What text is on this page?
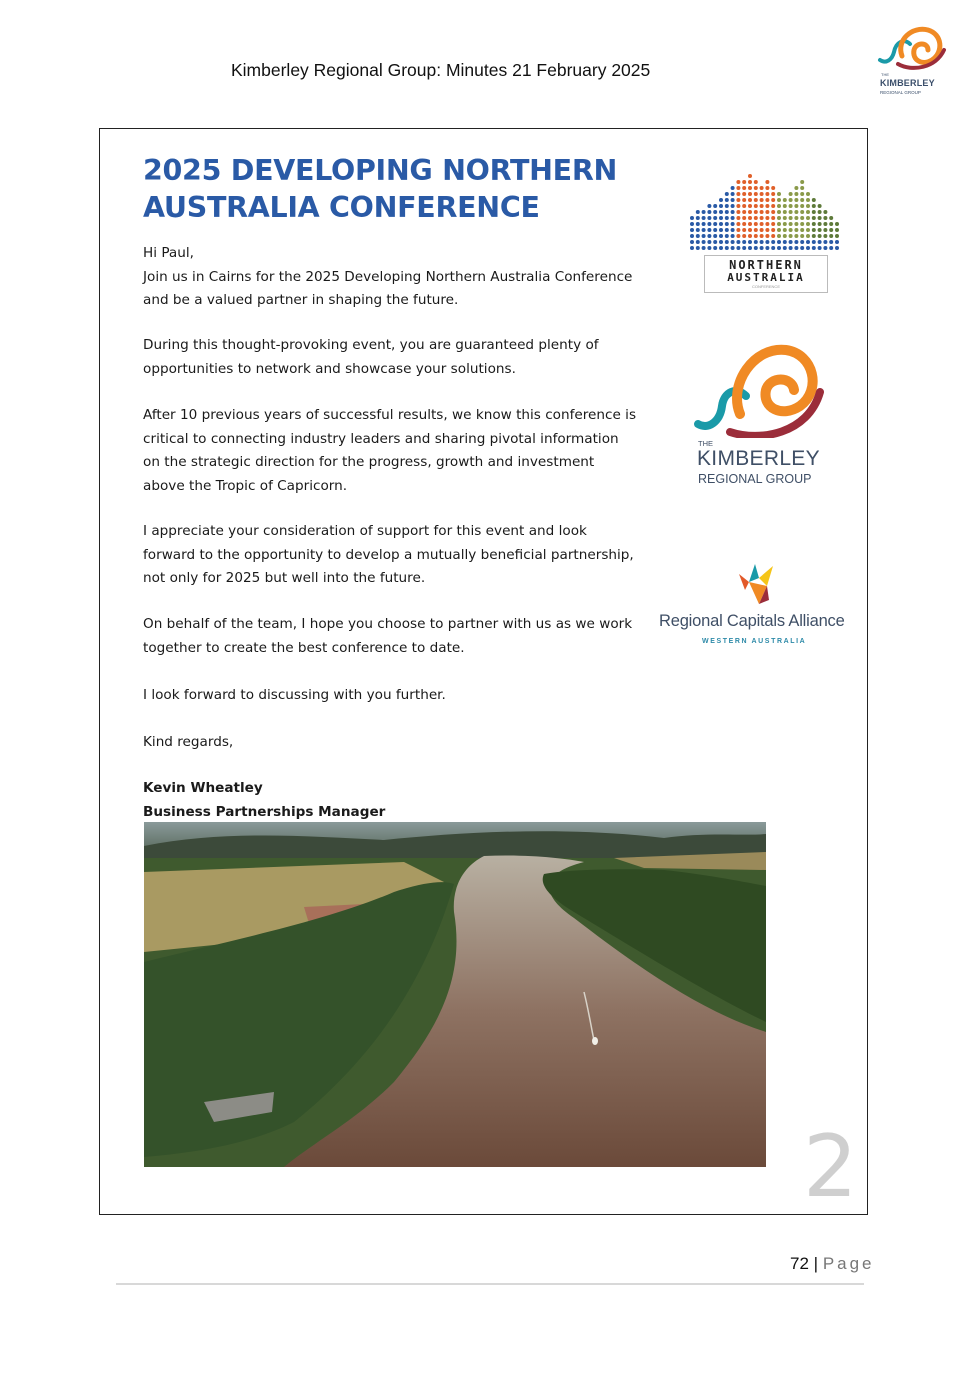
Kimberley Regional Group: Minutes 21 February 2025	THE
KIMBERLEY
REGIONAL GROUP
2025 DEVELOPING NORTHERN
AUSTRALIA CONFERENCE
Hi Paul,
Join us in Cairns for the 2025 Developing Northern Australia Conference and be a valued partner in shaping the future.
During this thought-provoking event, you are guaranteed plenty of opportunities to network and showcase your solutions.
After 10 previous years of successful results, we know this conference is critical to connecting industry leaders and sharing pivotal information on the strategic direction for the progress, growth and investment above the Tropic of Capricorn.
I appreciate your consideration of support for this event and look forward to the opportunity to develop a mutually beneficial partnership, not only for 2025 but well into the future.
On behalf of the team, I hope you choose to partner with us as we work together to create the best conference to date.
I look forward to discussing with you further.
Kind regards,
Kevin Wheatley
Business Partnerships Manager
NORTHERN
AUSTRALIA
CONFERENCE
THE
KIMBERLEY
REGIONAL GROUP
Regional Capitals Alliance
WESTERN AUSTRALIA
2
72 | Page
